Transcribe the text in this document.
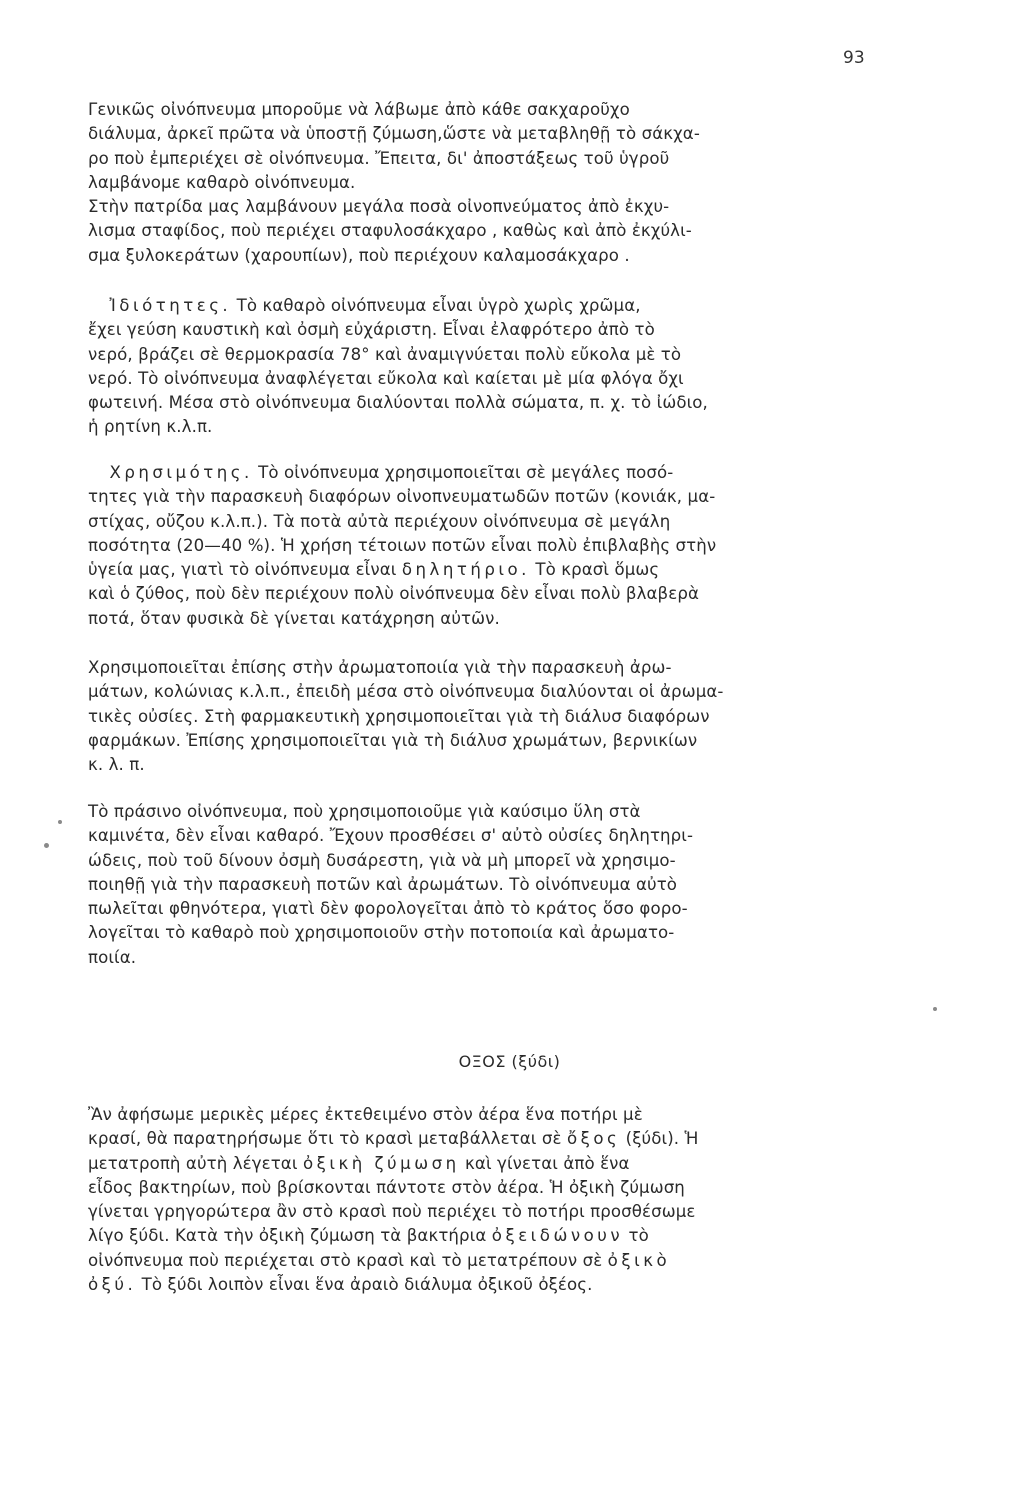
93
Γενικῶς οἰνόπνευμα μποροῦμε νὰ λάβωμε ἀπὸ κάθε σακχαροῦχο
διάλυμα, ἀρκεῖ πρῶτα νὰ ὑποστῇ ζύμωση,ὥστε νὰ μεταβληθῇ τὸ σάκχα-
ρο ποὺ ἐμπεριέχει σὲ οἰνόπνευμα. Ἔπειτα, δι' ἀποστάξεως τοῦ ὑγροῦ
λαμβάνομε καθαρὸ οἰνόπνευμα.
Στὴν πατρίδα μας λαμβάνουν μεγάλα ποσὰ οἰνοπνεύματος ἀπὸ ἐκχυ-
λισμα σταφίδος, ποὺ περιέχει σταφυλοσάκχαρο , καθὼς καὶ ἀπὸ ἐκχύλι-
σμα ξυλοκεράτων (χαρουπίων), ποὺ περιέχουν καλαμοσάκχαρο .
Ἰδιότητες. Τὸ καθαρὸ οἰνόπνευμα εἶναι ὑγρὸ χωρὶς χρῶμα,
ἔχει γεύση καυστικὴ καὶ ὀσμὴ εὐχάριστη. Εἶναι ἐλαφρότερο ἀπὸ τὸ
νερό, βράζει σὲ θερμοκρασία 78° καὶ ἀναμιγνύεται πολὺ εὔκολα μὲ τὸ
νερό. Τὸ οἰνόπνευμα ἀναφλέγεται εὔκολα καὶ καίεται μὲ μία φλόγα ὄχι
φωτεινή. Μέσα στὸ οἰνόπνευμα διαλύονται πολλὰ σώματα, π. χ. τὸ ἰώδιο,
ἡ ρητίνη κ.λ.π.
Χρησιμότης. Τὸ οἰνόπνευμα χρησιμοποιεῖται σὲ μεγάλες ποσό-
τητες γιὰ τὴν παρασκευὴ διαφόρων οἰνοπνευματωδῶν ποτῶν (κονιάκ, μα-
στίχας, οὔζου κ.λ.π.). Τὰ ποτὰ αὐτὰ περιέχουν οἰνόπνευμα σὲ μεγάλη
ποσότητα (20—40 %). Ἡ χρήση τέτοιων ποτῶν εἶναι πολὺ ἐπιβλαβὴς στὴν
ὑγεία μας, γιατὶ τὸ οἰνόπνευμα εἶναι δηλητήριο. Τὸ κρασὶ ὅμως
καὶ ὁ ζύθος, ποὺ δὲν περιέχουν πολὺ οἰνόπνευμα δὲν εἶναι πολὺ βλαβερὰ
ποτά, ὅταν φυσικὰ δὲ γίνεται κατάχρηση αὐτῶν.
Χρησιμοποιεῖται ἐπίσης στὴν ἀρωματοποιία γιὰ τὴν παρασκευὴ ἀρω-
μάτων, κολώνιας κ.λ.π., ἐπειδὴ μέσα στὸ οἰνόπνευμα διαλύονται οἱ ἀρωμα-
τικὲς οὐσίες. Στὴ φαρμακευτικὴ χρησιμοποιεῖται γιὰ τὴ διάλυσ διαφόρων
φαρμάκων. Ἐπίσης χρησιμοποιεῖται γιὰ τὴ διάλυσ χρωμάτων, βερνικίων
κ. λ. π.
Τὸ πράσινο οἰνόπνευμα, ποὺ χρησιμοποιοῦμε γιὰ καύσιμο ὕλη στὰ
καμινέτα, δὲν εἶναι καθαρό. Ἔχουν προσθέσει σ' αὐτὸ οὐσίες δηλητηρι-
ώδεις, ποὺ τοῦ δίνουν ὀσμὴ δυσάρεστη, γιὰ νὰ μὴ μπορεῖ νὰ χρησιμο-
ποιηθῇ γιὰ τὴν παρασκευὴ ποτῶν καὶ ἀρωμάτων. Τὸ οἰνόπνευμα αὐτὸ
πωλεῖται φθηνότερα, γιατὶ δὲν φορολογεῖται ἀπὸ τὸ κράτος ὅσο φορο-
λογεῖται τὸ καθαρὸ ποὺ χρησιμοποιοῦν στὴν ποτοποιία καὶ ἀρωματο-
ποιία.
ΟΞΟΣ (ξύδι)
Ἂν ἀφήσωμε μερικὲς μέρες ἐκτεθειμένο στὸν ἀέρα ἕνα ποτήρι μὲ
κρασί, θὰ παρατηρήσωμε ὅτι τὸ κρασὶ μεταβάλλεται σὲ ὄξος (ξύδι). Ἡ
μετατροπὴ αὐτὴ λέγεται ὀξικὴ ζύμωση καὶ γίνεται ἀπὸ ἕνα
εἶδος βακτηρίων, ποὺ βρίσκονται πάντοτε στὸν ἀέρα. Ἡ ὀξικὴ ζύμωση
γίνεται γρηγορώτερα ἂν στὸ κρασὶ ποὺ περιέχει τὸ ποτήρι προσθέσωμε
λίγο ξύδι. Κατὰ τὴν ὀξικὴ ζύμωση τὰ βακτήρια ὀξειδώνουν τὸ
οἰνόπνευμα ποὺ περιέχεται στὸ κρασὶ καὶ τὸ μετατρέπουν σὲ ὀξικὸ
ὀξύ. Τὸ ξύδι λοιπὸν εἶναι ἕνα ἀραιὸ διάλυμα ὀξικοῦ ὀξέος.
